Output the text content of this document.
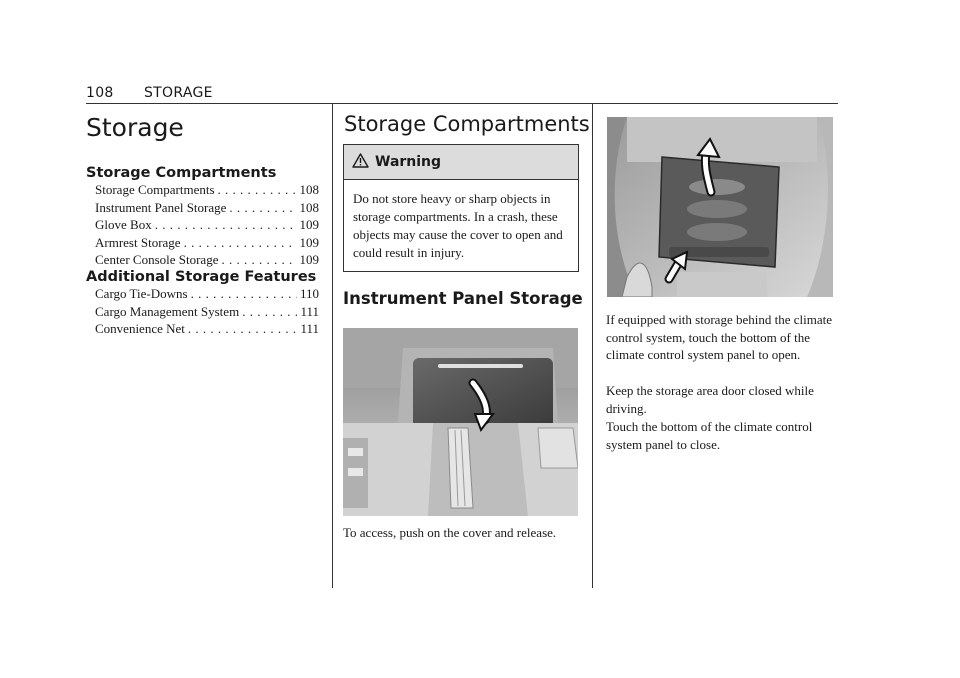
108 STORAGE
Storage
Storage Compartments
Storage Compartments . . .	108
Instrument Panel Storage . . .	108
Glove Box . . .	109
Armrest Storage . . .	109
Center Console Storage . . .	109
Additional Storage Features
Cargo Tie-Downs . . .	110
Cargo Management System . . .	111
Convenience Net . . .	111
Storage Compartments
Warning
Do not store heavy or sharp objects in storage compartments. In a crash, these objects may cause the cover to open and could result in injury.
Instrument Panel Storage

To access, push on the cover and release.

If equipped with storage behind the climate control system, touch the bottom of the climate control system panel to open.

Keep the storage area door closed while driving.

Touch the bottom of the climate control system panel to close.
